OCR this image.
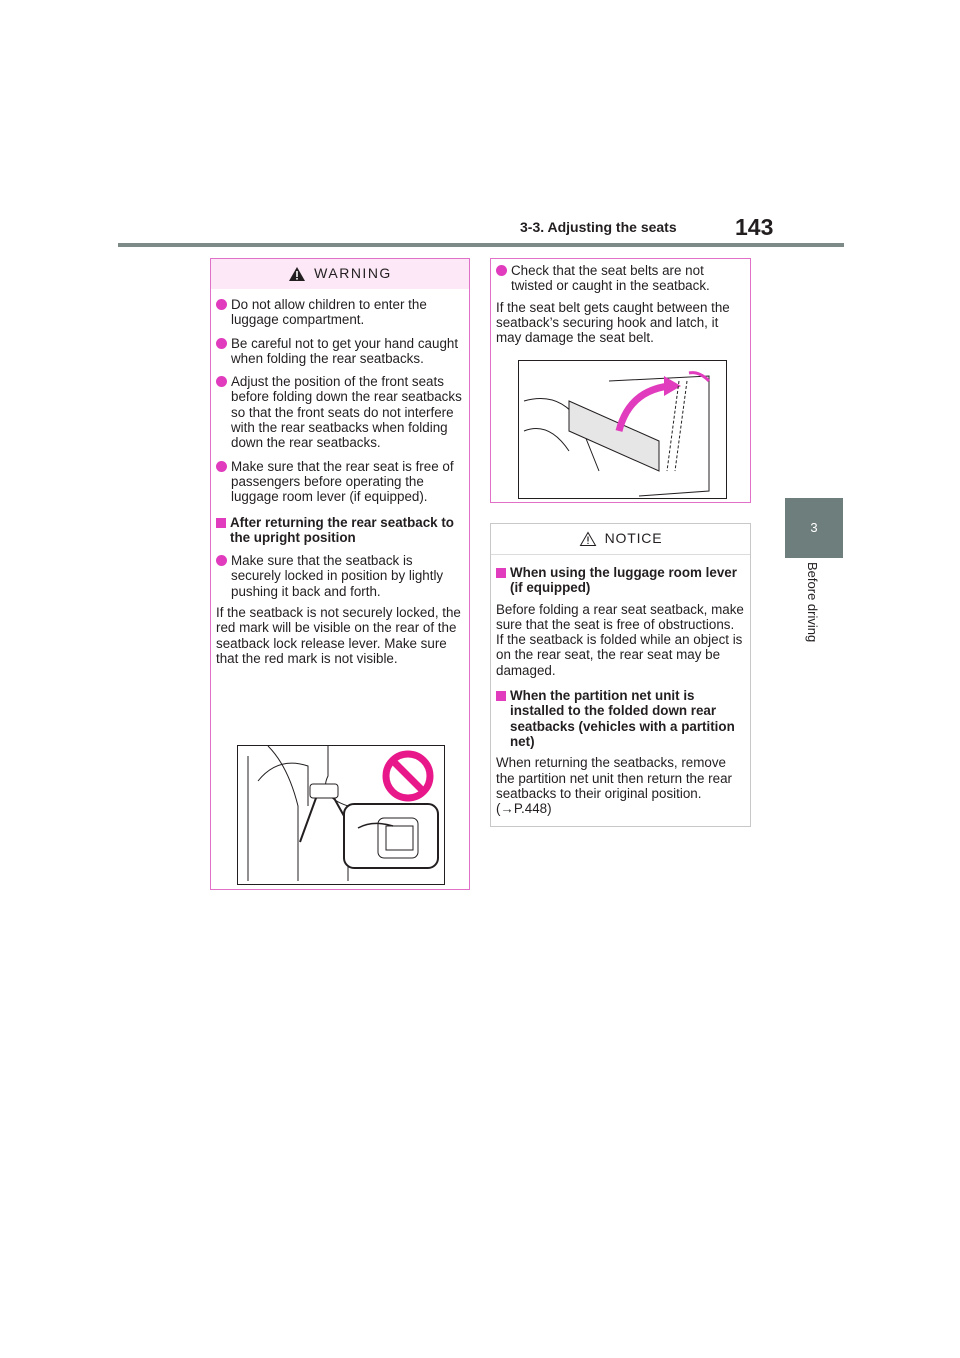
3-3. Adjusting the seats	143
3
Before driving
WARNING
Do not allow children to enter the luggage compartment.
Be careful not to get your hand caught when folding the rear seatbacks.
Adjust the position of the front seats before folding down the rear seatbacks so that the front seats do not interfere with the rear seatbacks when folding down the rear seatbacks.
Make sure that the rear seat is free of passengers before operating the luggage room lever (if equipped).
After returning the rear seatback to the upright position
Make sure that the seatback is securely locked in position by lightly pushing it back and forth.
If the seatback is not securely locked, the red mark will be visible on the rear of the seatback lock release lever. Make sure that the red mark is not visible.
Check that the seat belts are not twisted or caught in the seatback.
If the seat belt gets caught between the seatback’s securing hook and latch, it may damage the seat belt.
NOTICE
When using the luggage room lever (if equipped)
Before folding a rear seat seatback, make sure that the seat is free of obstructions. If the seatback is folded while an object is on the rear seat, the rear seat may be damaged.
When the partition net unit is installed to the folded down rear seatbacks (vehicles with a partition net)
When returning the seatbacks, remove the partition net unit then return the rear seatbacks to their original position. (→P.448)
